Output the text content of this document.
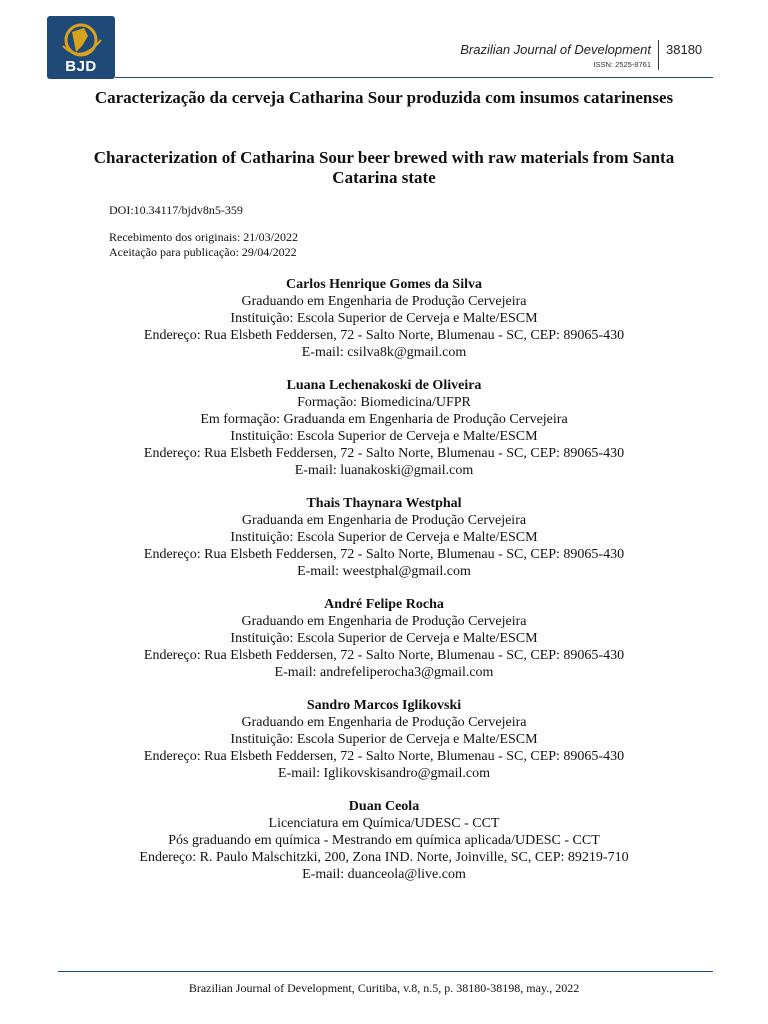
BJD
Brazilian Journal of Development
ISSN: 2525-8761
38180
Caracterização da cerveja Catharina Sour produzida com insumos catarinenses
Characterization of Catharina Sour beer brewed with raw materials from Santa Catarina state
DOI:10.34117/bjdv8n5-359
Recebimento dos originais: 21/03/2022
Aceitação para publicação: 29/04/2022
Carlos Henrique Gomes da Silva
Graduando em Engenharia de Produção Cervejeira
Instituição: Escola Superior de Cerveja e Malte/ESCM
Endereço: Rua Elsbeth Feddersen, 72 - Salto Norte, Blumenau - SC, CEP: 89065-430
E-mail: csilva8k@gmail.com
Luana Lechenakoski de Oliveira
Formação: Biomedicina/UFPR
Em formação: Graduanda em Engenharia de Produção Cervejeira
Instituição: Escola Superior de Cerveja e Malte/ESCM
Endereço: Rua Elsbeth Feddersen, 72 - Salto Norte, Blumenau - SC, CEP: 89065-430
E-mail: luanakoski@gmail.com
Thais Thaynara Westphal
Graduanda em Engenharia de Produção Cervejeira
Instituição: Escola Superior de Cerveja e Malte/ESCM
Endereço: Rua Elsbeth Feddersen, 72 - Salto Norte, Blumenau - SC, CEP: 89065-430
E-mail: weestphal@gmail.com
André Felipe Rocha
Graduando em Engenharia de Produção Cervejeira
Instituição: Escola Superior de Cerveja e Malte/ESCM
Endereço: Rua Elsbeth Feddersen, 72 - Salto Norte, Blumenau - SC, CEP: 89065-430
E-mail: andrefeliperocha3@gmail.com
Sandro Marcos Iglikovski
Graduando em Engenharia de Produção Cervejeira
Instituição: Escola Superior de Cerveja e Malte/ESCM
Endereço: Rua Elsbeth Feddersen, 72 - Salto Norte, Blumenau - SC, CEP: 89065-430
E-mail: Iglikovskisandro@gmail.com
Duan Ceola
Licenciatura em Química/UDESC - CCT
Pós graduando em química - Mestrando em química aplicada/UDESC - CCT
Endereço: R. Paulo Malschitzki, 200, Zona IND. Norte, Joinville, SC, CEP: 89219-710
E-mail: duanceola@live.com
Brazilian Journal of Development, Curitiba, v.8, n.5, p. 38180-38198, may., 2022
